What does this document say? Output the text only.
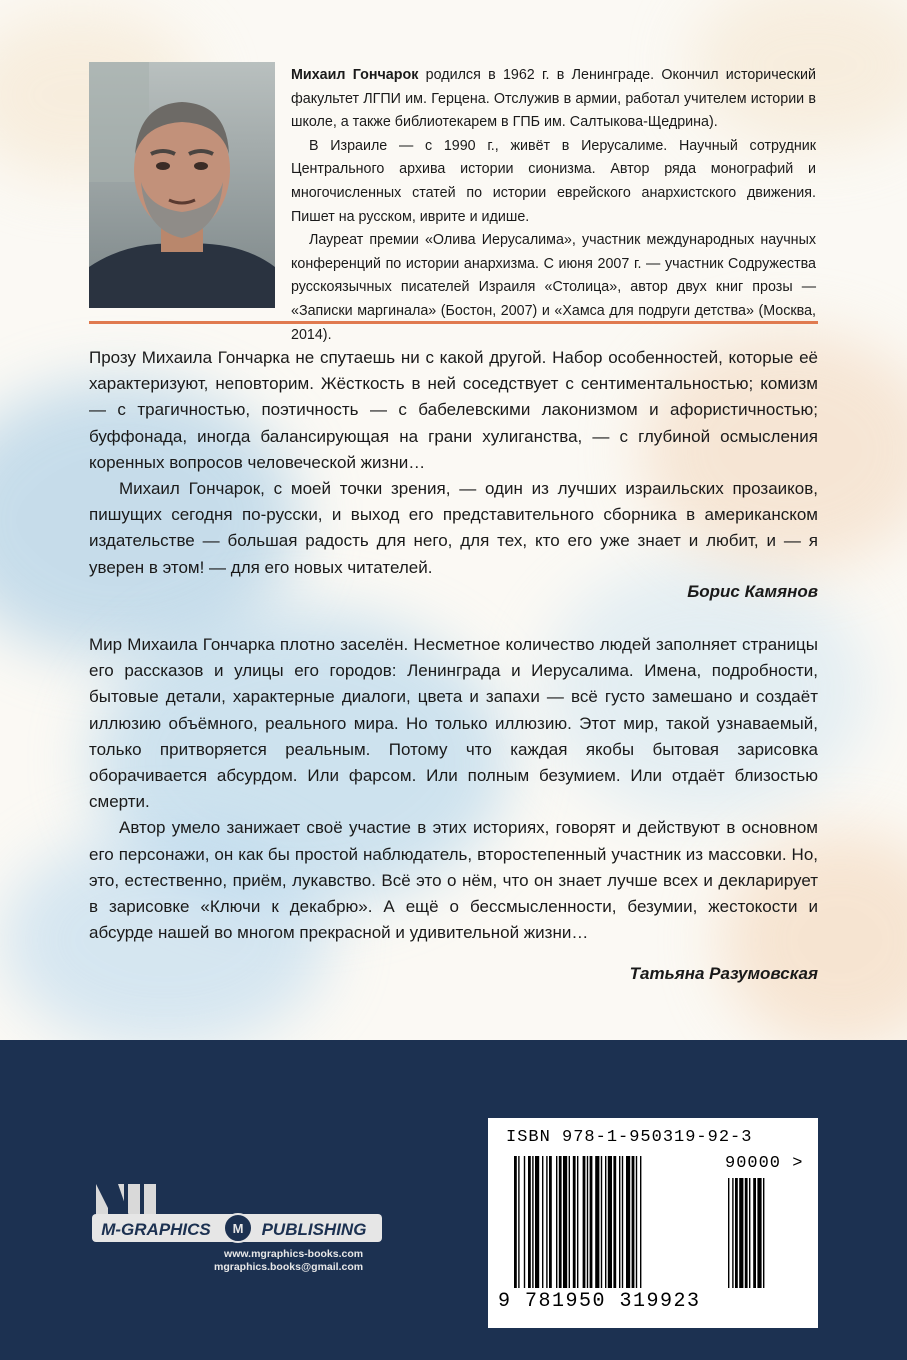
Михаил Гончарок родился в 1962 г. в Ленинграде. Окончил исторический факультет ЛГПИ им. Герцена. Отслужив в армии, работал учителем истории в школе, а также библиотекарем в ГПБ им. Салтыкова-Щедрина).

В Израиле — с 1990 г., живёт в Иерусалиме. Научный сотрудник Центрального архива истории сионизма. Автор ряда монографий и многочисленных статей по истории еврейского анархистского движения. Пишет на русском, иврите и идише.

Лауреат премии «Олива Иерусалима», участник международных научных конференций по истории анархизма. С июня 2007 г. — участник Содружества русскоязычных писателей Израиля «Столица», автор двух книг прозы — «Записки маргинала» (Бостон, 2007) и «Хамса для подруги детства» (Москва, 2014).

Прозу Михаила Гончарка не спутаешь ни с какой другой. Набор особенностей, которые её характеризуют, неповторим. Жёсткость в ней соседствует с сентиментальностью; комизм — с трагичностью, поэтичность — с бабелевскими лаконизмом и афористичностью; буффонада, иногда балансирующая на грани хулиганства, — с глубиной осмысления коренных вопросов человеческой жизни…

Михаил Гончарок, с моей точки зрения, — один из лучших израильских прозаиков, пишущих сегодня по-русски, и выход его представительного сборника в американском издательстве — большая радость для него, для тех, кто его уже знает и любит, и — я уверен в этом! — для его новых читателей.

Борис Камянов

Мир Михаила Гончарка плотно заселён. Несметное количество людей заполняет страницы его рассказов и улицы его городов: Ленинграда и Иерусалима. Имена, подробности, бытовые детали, характерные диалоги, цвета и запахи — всё густо замешано и создаёт иллюзию объёмного, реального мира. Но только иллюзию. Этот мир, такой узнаваемый, только притворяется реальным. Потому что каждая якобы бытовая зарисовка оборачивается абсурдом. Или фарсом. Или полным безумием. Или отдаёт близостью смерти.

Автор умело занижает своё участие в этих историях, говорят и действуют в основном его персонажи, он как бы простой наблюдатель, второстепенный участник из массовки. Но, это, естественно, приём, лукавство. Всё это о нём, что он знает лучше всех и декларирует в зарисовке «Ключи к декабрю». А ещё о бессмысленности, безумии, жестокости и абсурде нашей во многом прекрасной и удивительной жизни…

Татьяна Разумовская
M
M-GRAPHICS	PUBLISHING
www.mgraphics-books.com
mgraphics.books@gmail.com
ISBN 978-1-950319-92-3
90000 >
9 781950 319923
